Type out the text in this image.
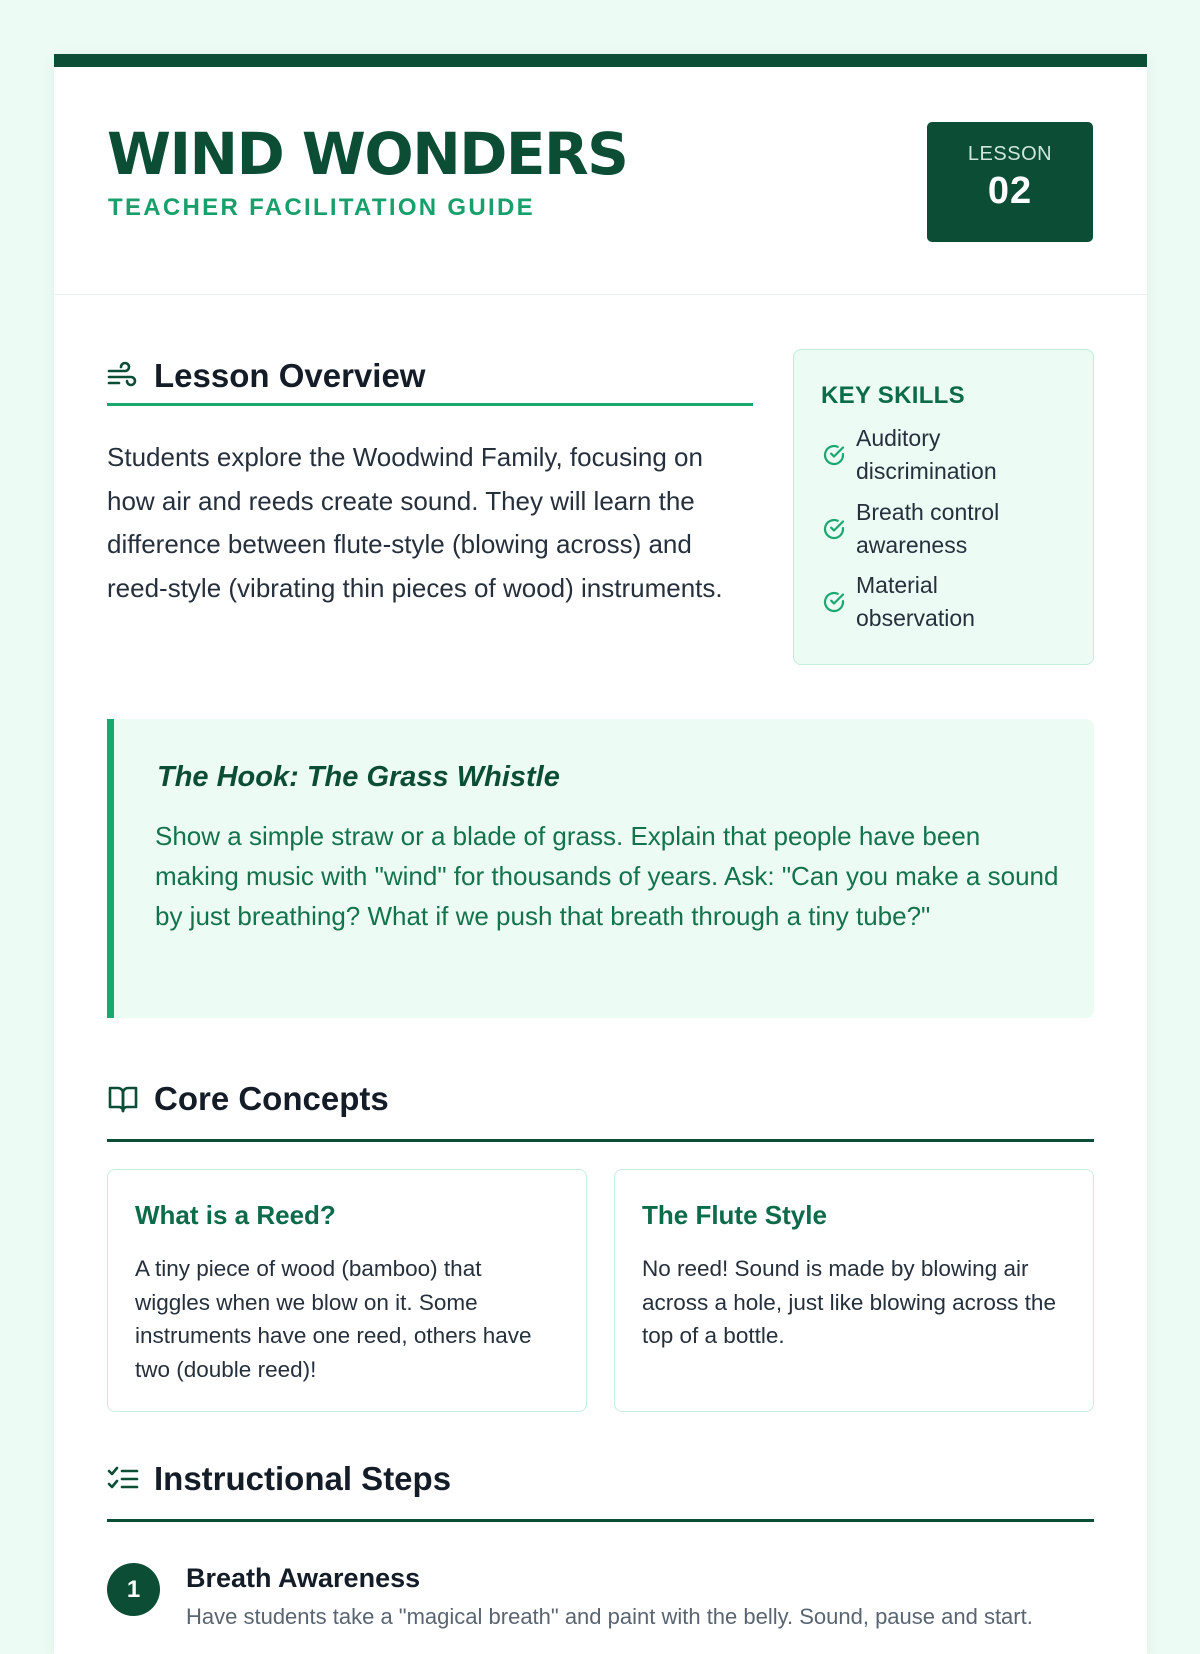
WIND WONDERS
TEACHER FACILITATION GUIDE
LESSON
02
Lesson Overview

Students explore the Woodwind Family, focusing on how air and reeds create sound. They will learn the difference between flute-style (blowing across) and reed-style (vibrating thin pieces of wood) instruments.

KEY SKILLS
Auditory discrimination
Breath control awareness
Material observation
The Hook: The Grass Whistle

Show a simple straw or a blade of grass. Explain that people have been making music with "wind" for thousands of years. Ask: "Can you make a sound by just breathing? What if we push that breath through a tiny tube?"

Core Concepts
What is a Reed?

A tiny piece of wood (bamboo) that wiggles when we blow on it. Some instruments have one reed, others have two (double reed)!

The Flute Style

No reed! Sound is made by blowing air across a hole, just like blowing across the top of a bottle.

Instructional Steps
1	Breath Awareness
Have students take a "magical breath" and paint with the belly. Sound, pause and start.
